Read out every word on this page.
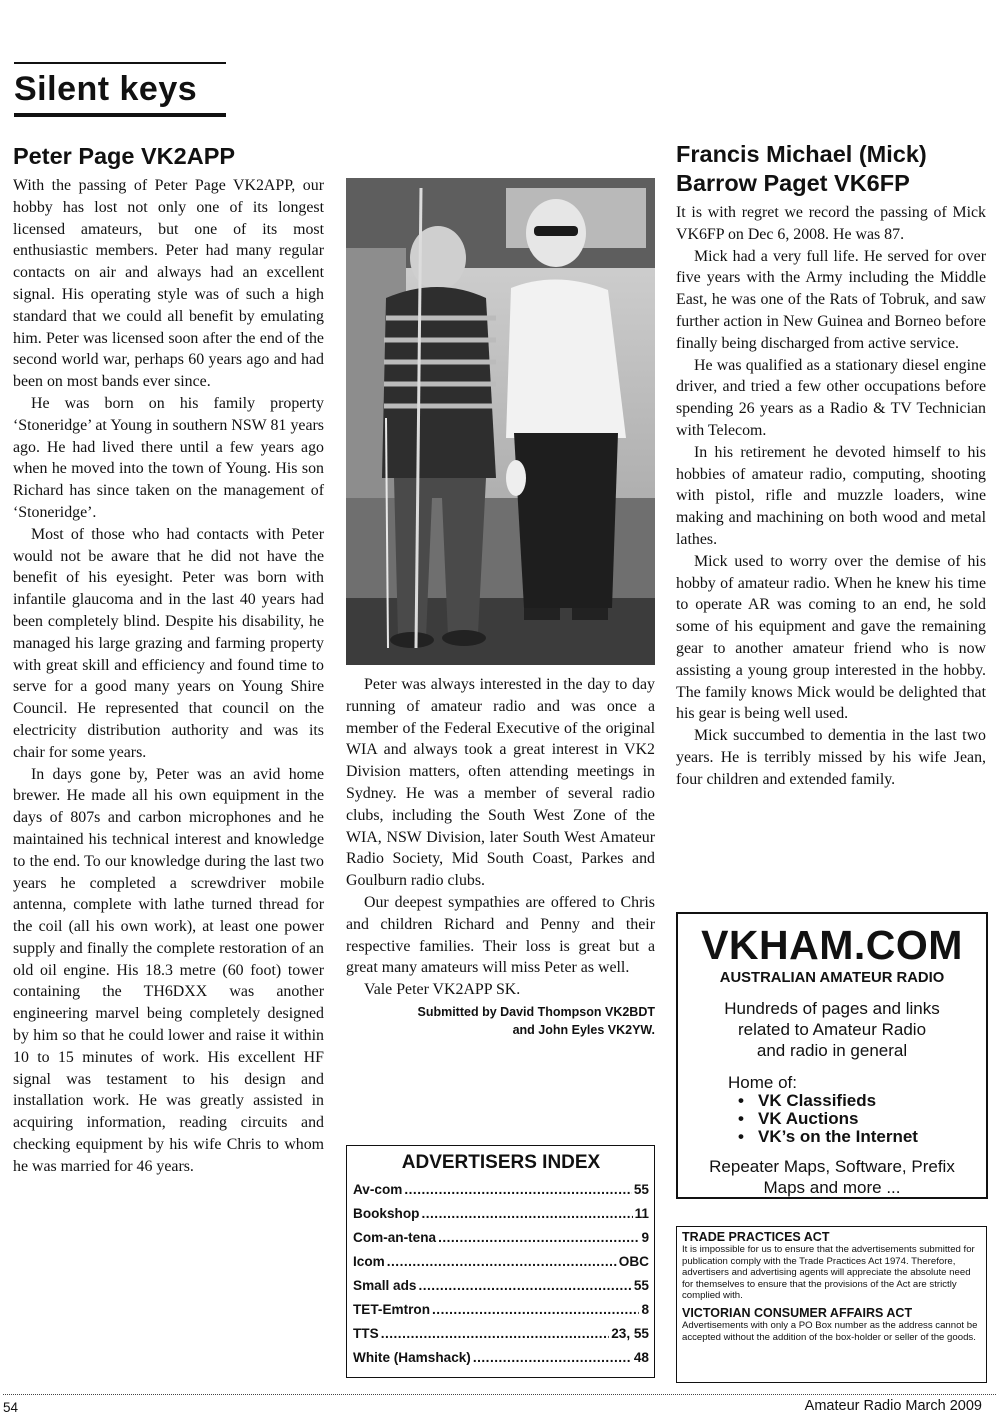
Silent keys
Peter Page VK2APP

With the passing of Peter Page VK2APP, our hobby has lost not only one of its longest licensed amateurs, but one of its most enthusiastic members. Peter had many regular contacts on air and always had an excellent signal. His operating style was of such a high standard that we could all benefit by emulating him. Peter was licensed soon after the end of the second world war, perhaps 60 years ago and had been on most bands ever since.

He was born on his family property ‘Stoneridge’ at Young in southern NSW 81 years ago. He had lived there until a few years ago when he moved into the town of Young. His son Richard has since taken on the management of ‘Stoneridge’.

Most of those who had contacts with Peter would not be aware that he did not have the benefit of his eyesight. Peter was born with infantile glaucoma and in the last 40 years had been completely blind. Despite his disability, he managed his large grazing and farming property with great skill and efficiency and found time to serve for a good many years on Young Shire Council. He represented that council on the electricity distribution authority and was its chair for some years.

In days gone by, Peter was an avid home brewer. He made all his own equipment in the days of 807s and carbon microphones and he maintained his technical interest and knowledge to the end. To our knowledge during the last two years he completed a screwdriver mobile antenna, complete with lathe turned thread for the coil (all his own work), at least one power supply and finally the complete restoration of an old oil engine. His 18.3 metre (60 foot) tower containing the TH6DXX was another engineering marvel being completely designed by him so that he could lower and raise it within 10 to 15 minutes of work. His excellent HF signal was testament to his design and installation work. He was greatly assisted in acquiring information, reading circuits and checking equipment by his wife Chris to whom he was married for 46 years.

Peter was always interested in the day to day running of amateur radio and was once a member of the Federal Executive of the original WIA and always took a great interest in VK2 Division matters, often attending meetings in Sydney. He was a member of several radio clubs, including the South West Zone of the WIA, NSW Division, later South West Amateur Radio Society, Mid South Coast, Parkes and Goulburn radio clubs.

Our deepest sympathies are offered to Chris and children Richard and Penny and their respective families. Their loss is great but a great many amateurs will miss Peter as well.

Vale Peter VK2APP SK.

Submitted by David Thompson VK2BDT
and John Eyles VK2YW.
ADVERTISERS INDEX
Av-com .....	55
Bookshop .....	11
Com-an-tena .....	9
Icom .....	OBC
Small ads .....	55
TET-Emtron .....	8
TTS .....	23, 55
White (Hamshack) .....	48
Francis Michael (Mick)
Barrow Paget VK6FP

It is with regret we record the passing of Mick VK6FP on Dec 6, 2008. He was 87.

Mick had a very full life. He served for over five years with the Army including the Middle East, he was one of the Rats of Tobruk, and saw further action in New Guinea and Borneo before finally being discharged from active service.

He was qualified as a stationary diesel engine driver, and tried a few other occupations before spending 26 years as a Radio & TV Technician with Telecom.

In his retirement he devoted himself to his hobbies of amateur radio, computing, shooting with pistol, rifle and muzzle loaders, wine making and machining on both wood and metal lathes.

Mick used to worry over the demise of his hobby of amateur radio. When he knew his time to operate AR was coming to an end, he sold some of his equipment and gave the remaining gear to another amateur friend who is now assisting a young group interested in the hobby. The family knows Mick would be delighted that his gear is being well used.

Mick succumbed to dementia in the last two years. He is terribly missed by his wife Jean, four children and extended family.

VKHAM.COM
AUSTRALIAN AMATEUR RADIO
Hundreds of pages and links
related to Amateur Radio
and radio in general
Home of:
• VK Classifieds
• VK Auctions
• VK’s on the Internet
Repeater Maps, Software, Prefix
Maps and more ...
TRADE PRACTICES ACT
It is impossible for us to ensure that the advertisements submitted for publication comply with the Trade Practices Act 1974. Therefore, advertisers and advertising agents will appreciate the absolute need for themselves to ensure that the provisions of the Act are strictly complied with.
VICTORIAN CONSUMER AFFAIRS ACT
Advertisements with only a PO Box number as the address cannot be accepted without the addition of the box-holder or seller of the goods.
54	Amateur Radio March 2009
